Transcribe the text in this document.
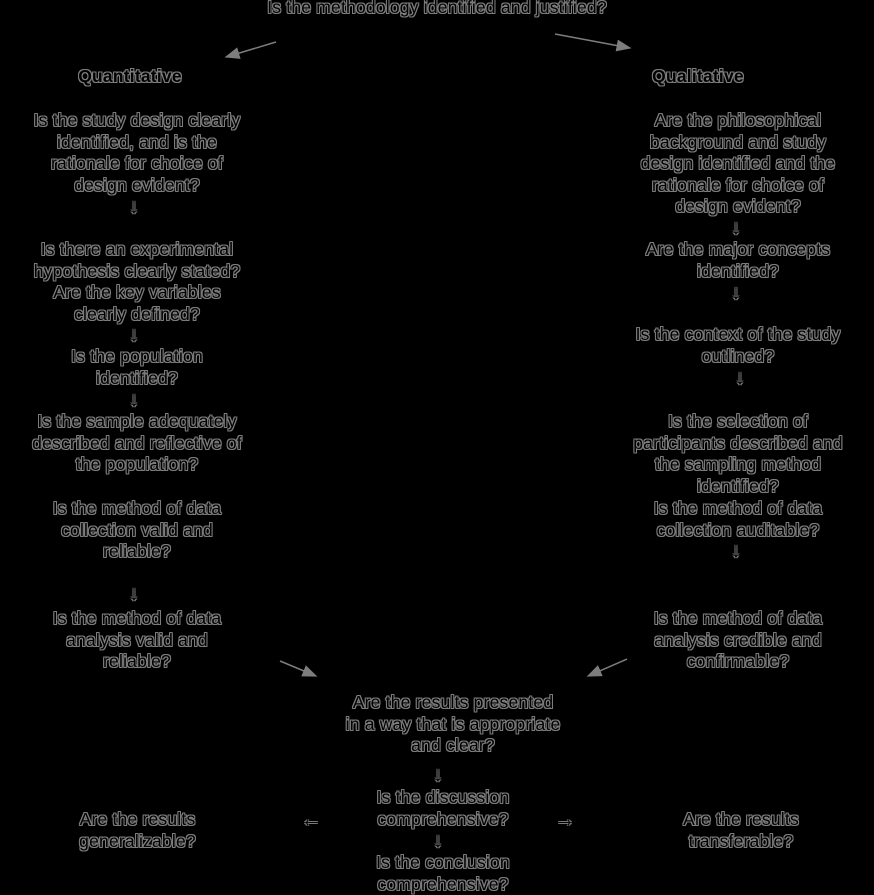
Is the methodology identified and justified?
Quantitative	Qualitative
Is the study design clearly
identified, and is the
rationale for choice of
design evident?
↓
Is there an experimental
hypothesis clearly stated?
Are the key variables
clearly defined?
↓
Is the population
identified?
↓
Is the sample adequately
described and reflective of
the population?
Is the method of data
collection valid and
reliable?
↓
Is the method of data
analysis valid and
reliable?
Are the philosophical
background and study
design identified and the
rationale for choice of
design evident?
↓
Are the major concepts
identified?
↓
Is the context of the study
outlined?
↓
Is the selection of
participants described and
the sampling method
identified?
Is the method of data
collection auditable?
↓
Is the method of data
analysis credible and
confirmable?
Are the results presented
in a way that is appropriate
and clear?
↓
Is the discussion
comprehensive?
←	→
↓
Is the conclusion
comprehensive?
Are the results
generalizable?
Are the results
transferable?
